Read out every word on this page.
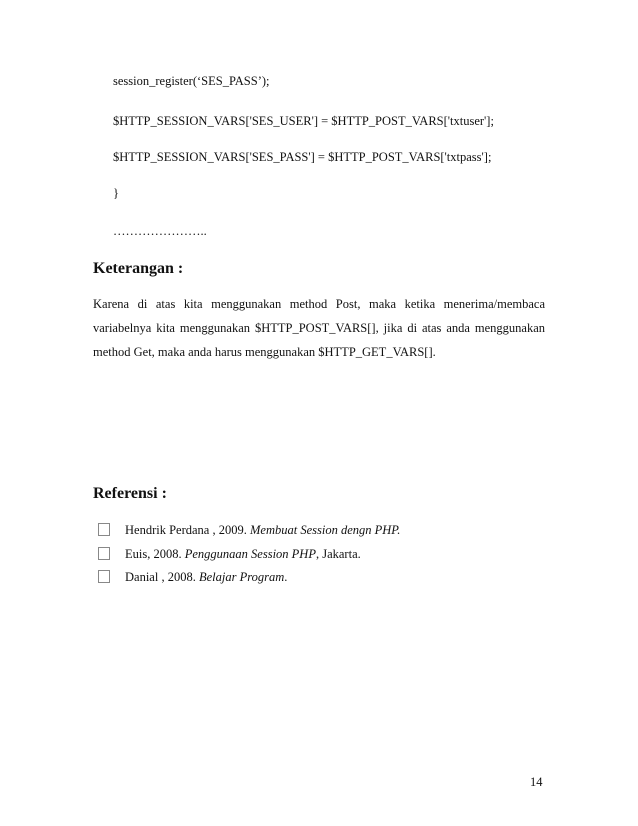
session_register(‘SES_PASS’);
$HTTP_SESSION_VARS['SES_USER'] = $HTTP_POST_VARS['txtuser'];
$HTTP_SESSION_VARS['SES_PASS'] = $HTTP_POST_VARS['txtpass'];
}
…………………..
Keterangan :
Karena di atas kita menggunakan method Post, maka ketika menerima/membaca variabelnya kita menggunakan $HTTP_POST_VARS[], jika di atas anda menggunakan method Get, maka anda harus menggunakan $HTTP_GET_VARS[].
Referensi :
Hendrik Perdana , 2009. Membuat Session dengn PHP.
Euis, 2008. Penggunaan Session PHP, Jakarta.
Danial , 2008. Belajar Program.
14
